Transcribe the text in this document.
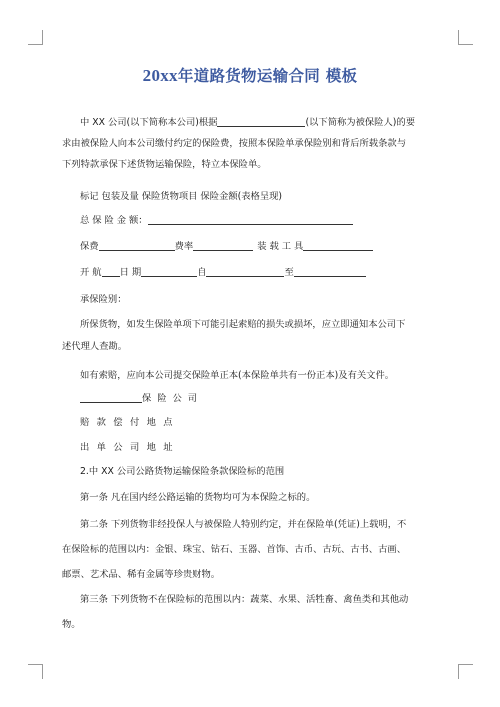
20xx年道路货物运输合同 模板
中 XX 公司(以下简称本公司)根据	(以下简称为被保险人)的要
求由被保险人向本公司缴付约定的保险费，按照本保险单承保险别和背后所载条款与
下列特款承保下述货物运输保险，特立本保险单。
标记 包装及量 保险货物项目 保险金额(表格呈现)
总 保 险 金 额：
保费	费率	装 载 工 具
开 航 日 期	自	至
承保险别：
所保货物，如发生保险单项下可能引起索赔的损失或损坏，应立即通知本公司下
述代理人查勘。
如有索赔，应向本公司提交保险单正本(本保险单共有一份正本)及有关文件。
保 险 公 司
赔 款 偿 付 地 点
出 单 公 司 地 址
2.中 XX 公司公路货物运输保险条款保险标的范围
第一条 凡在国内经公路运输的货物均可为本保险之标的。
第二条 下列货物非经投保人与被保险人特别约定，并在保险单(凭证)上载明，不
在保险标的范围以内：金银、珠宝、钻石、玉器、首饰、古币、古玩、古书、古画、
邮票、艺术品、稀有金属等珍贵财物。
第三条 下列货物不在保险标的范围以内：蔬菜、水果、活牲畜、禽鱼类和其他动
物。
